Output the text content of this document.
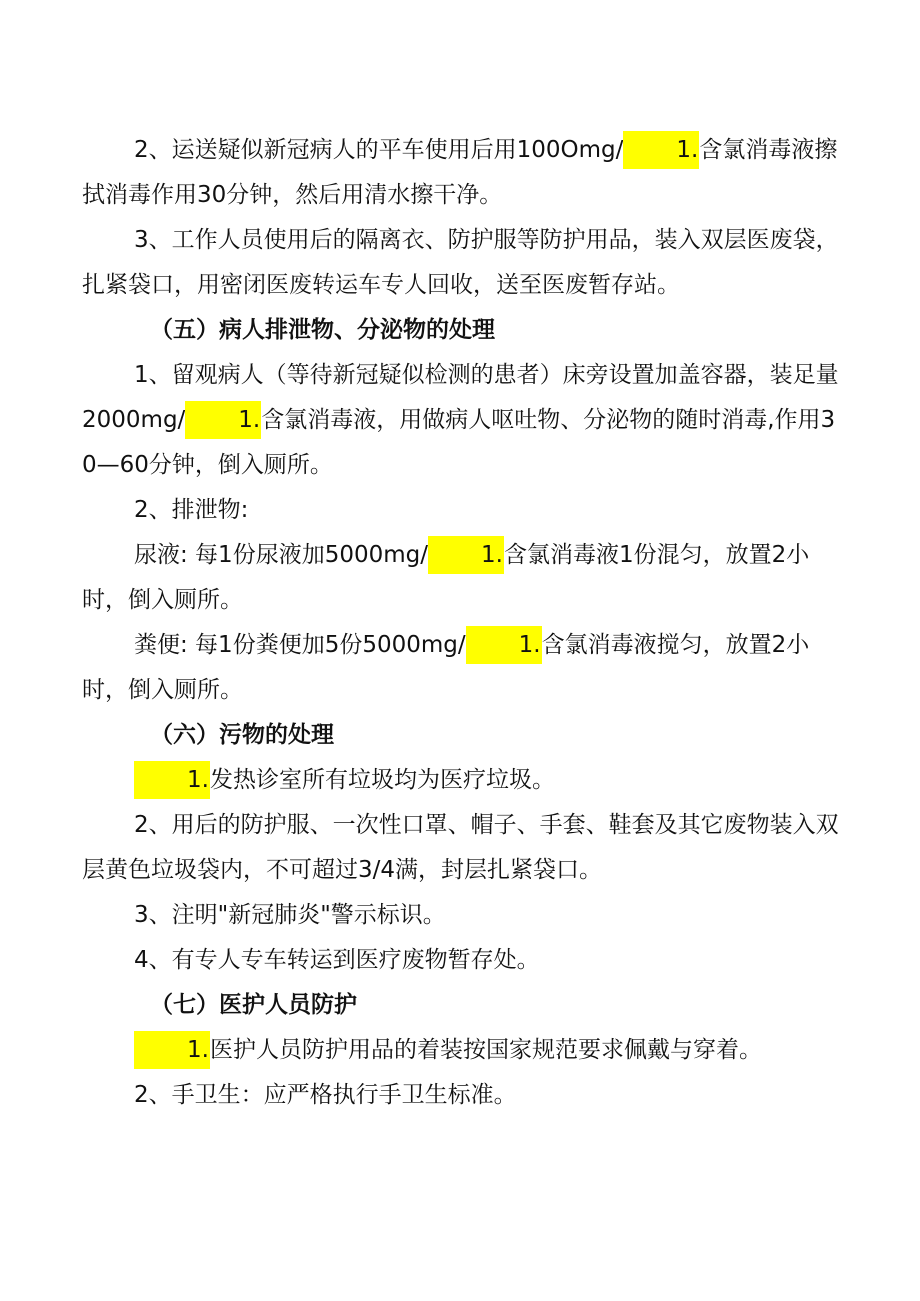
2、运送疑似新冠病人的平车使用后用100Omg/ 1.含氯消毒液擦拭消毒作用30分钟，然后用清水擦干净。

3、工作人员使用后的隔离衣、防护服等防护用品，装入双层医废袋，扎紧袋口，用密闭医废转运车专人回收，送至医废暂存站。

（五）病人排泄物、分泌物的处理

1、留观病人（等待新冠疑似检测的患者）床旁设置加盖容器，装足量2000mg/ 1.含氯消毒液，用做病人呕吐物、分泌物的随时消毒,作用30—60分钟，倒入厕所。

2、排泄物:

尿液: 每1份尿液加5000mg/ 1.含氯消毒液1份混匀，放置2小时，倒入厕所。

粪便: 每1份粪便加5份5000mg/ 1.含氯消毒液搅匀，放置2小时，倒入厕所。

（六）污物的处理

1.发热诊室所有垃圾均为医疗垃圾。

2、用后的防护服、一次性口罩、帽子、手套、鞋套及其它废物装入双层黄色垃圾袋内，不可超过3/4满，封层扎紧袋口。

3、注明"新冠肺炎"警示标识。

4、有专人专车转运到医疗废物暂存处。

（七）医护人员防护

1.医护人员防护用品的着装按国家规范要求佩戴与穿着。

2、手卫生：应严格执行手卫生标准。
